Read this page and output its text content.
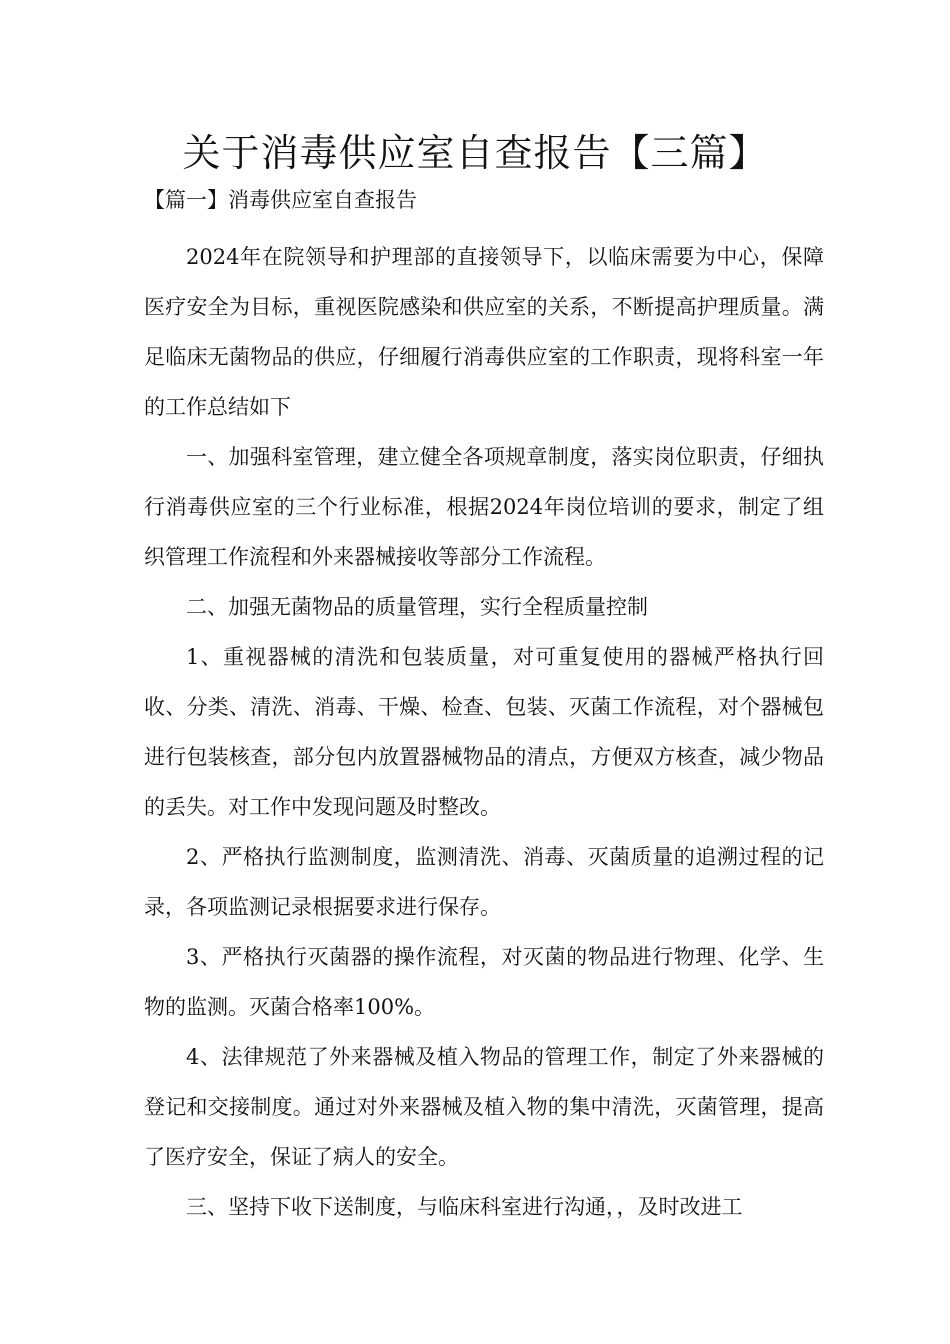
关于消毒供应室自查报告【三篇】
【篇一】消毒供应室自查报告

2024年在院领导和护理部的直接领导下，以临床需要为中心，保障医疗安全为目标，重视医院感染和供应室的关系，不断提高护理质量。满足临床无菌物品的供应，仔细履行消毒供应室的工作职责，现将科室一年的工作总结如下

一、加强科室管理，建立健全各项规章制度，落实岗位职责，仔细执行消毒供应室的三个行业标准，根据2024年岗位培训的要求，制定了组织管理工作流程和外来器械接收等部分工作流程。

二、加强无菌物品的质量管理，实行全程质量控制

1、重视器械的清洗和包装质量，对可重复使用的器械严格执行回收、分类、清洗、消毒、干燥、检查、包装、灭菌工作流程，对个器械包进行包装核查，部分包内放置器械物品的清点，方便双方核查，减少物品的丢失。对工作中发现问题及时整改。

2、严格执行监测制度，监测清洗、消毒、灭菌质量的追溯过程的记录，各项监测记录根据要求进行保存。

3、严格执行灭菌器的操作流程，对灭菌的物品进行物理、化学、生物的监测。灭菌合格率100%。

4、法律规范了外来器械及植入物品的管理工作，制定了外来器械的登记和交接制度。通过对外来器械及植入物的集中清洗，灭菌管理，提高了医疗安全，保证了病人的安全。

三、坚持下收下送制度，与临床科室进行沟通，，及时改进工
